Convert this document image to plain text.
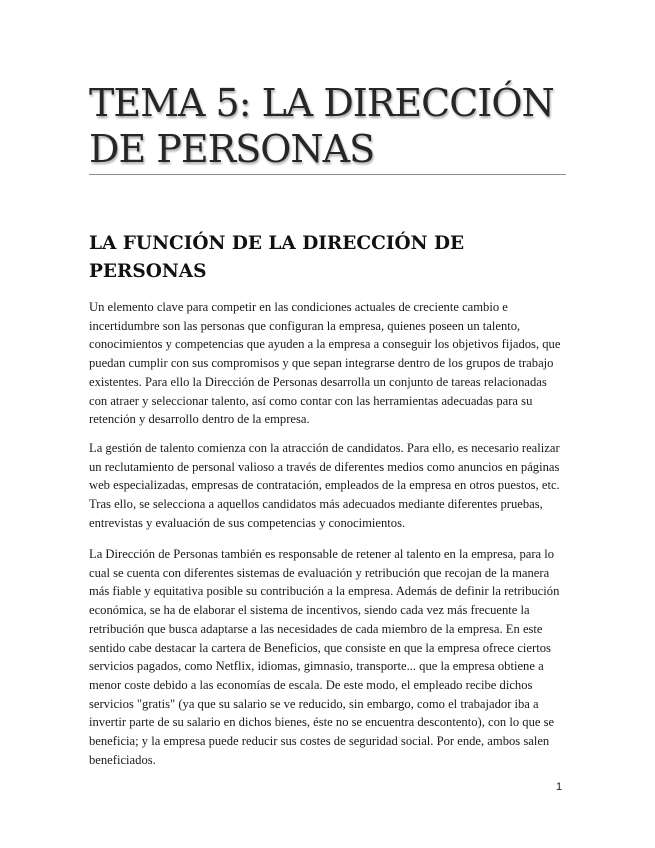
TEMA 5: LA DIRECCIÓN DE PERSONAS
LA FUNCIÓN DE LA DIRECCIÓN DE PERSONAS

Un elemento clave para competir en las condiciones actuales de creciente cambio e incertidumbre son las personas que configuran la empresa, quienes poseen un talento, conocimientos y competencias que ayuden a la empresa a conseguir los objetivos fijados, que puedan cumplir con sus compromisos y que sepan integrarse dentro de los grupos de trabajo existentes. Para ello la Dirección de Personas desarrolla un conjunto de tareas relacionadas con atraer y seleccionar talento, así como contar con las herramientas adecuadas para su retención y desarrollo dentro de la empresa.

La gestión de talento comienza con la atracción de candidatos. Para ello, es necesario realizar un reclutamiento de personal valioso a través de diferentes medios como anuncios en páginas web especializadas, empresas de contratación, empleados de la empresa en otros puestos, etc. Tras ello, se selecciona a aquellos candidatos más adecuados mediante diferentes pruebas, entrevistas y evaluación de sus competencias y conocimientos.

La Dirección de Personas también es responsable de retener al talento en la empresa, para lo cual se cuenta con diferentes sistemas de evaluación y retribución que recojan de la manera más fiable y equitativa posible su contribución a la empresa. Además de definir la retribución económica, se ha de elaborar el sistema de incentivos, siendo cada vez más frecuente la retribución que busca adaptarse a las necesidades de cada miembro de la empresa. En este sentido cabe destacar la cartera de Beneficios, que consiste en que la empresa ofrece ciertos servicios pagados, como Netflix, idiomas, gimnasio, transporte... que la empresa obtiene a menor coste debido a las economías de escala. De este modo, el empleado recibe dichos servicios "gratis" (ya que su salario se ve reducido, sin embargo, como el trabajador iba a invertir parte de su salario en dichos bienes, éste no se encuentra descontento), con lo que se beneficia; y la empresa puede reducir sus costes de seguridad social. Por ende, ambos salen beneficiados.

1
